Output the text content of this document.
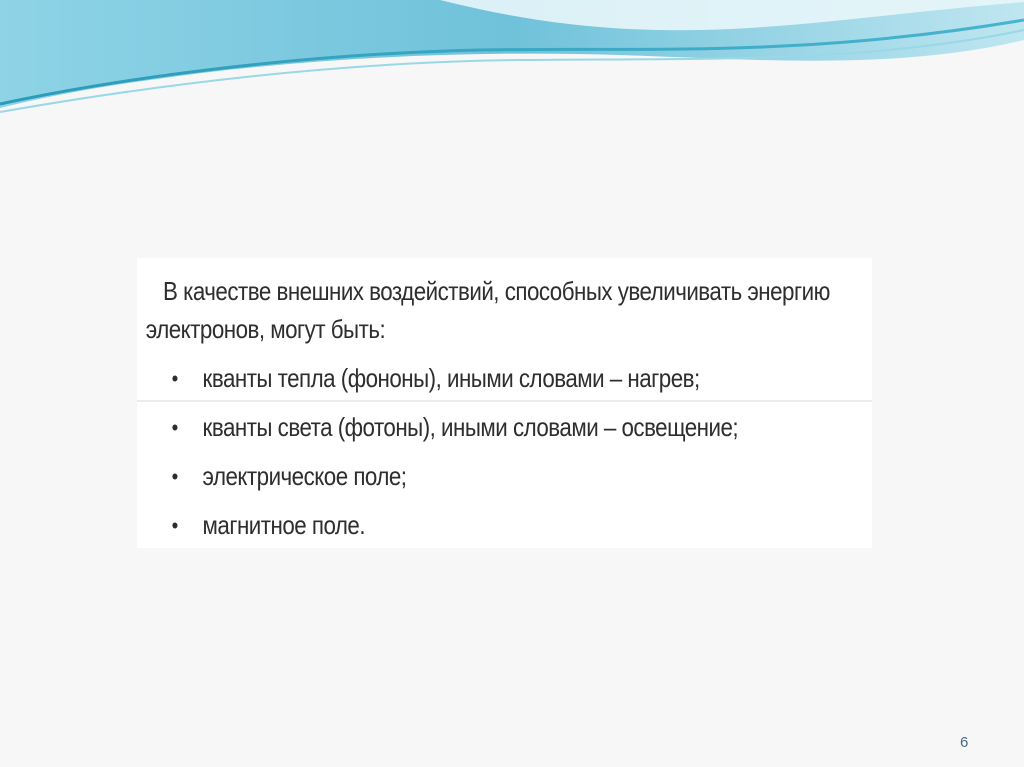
В качестве внешних воздействий, способных увеличивать энергию
электронов, могут быть:

• кванты тепла (фононы), иными словами – нагрев;
• кванты света (фотоны), иными словами – освещение;
• электрическое поле;
• магнитное поле.
6
